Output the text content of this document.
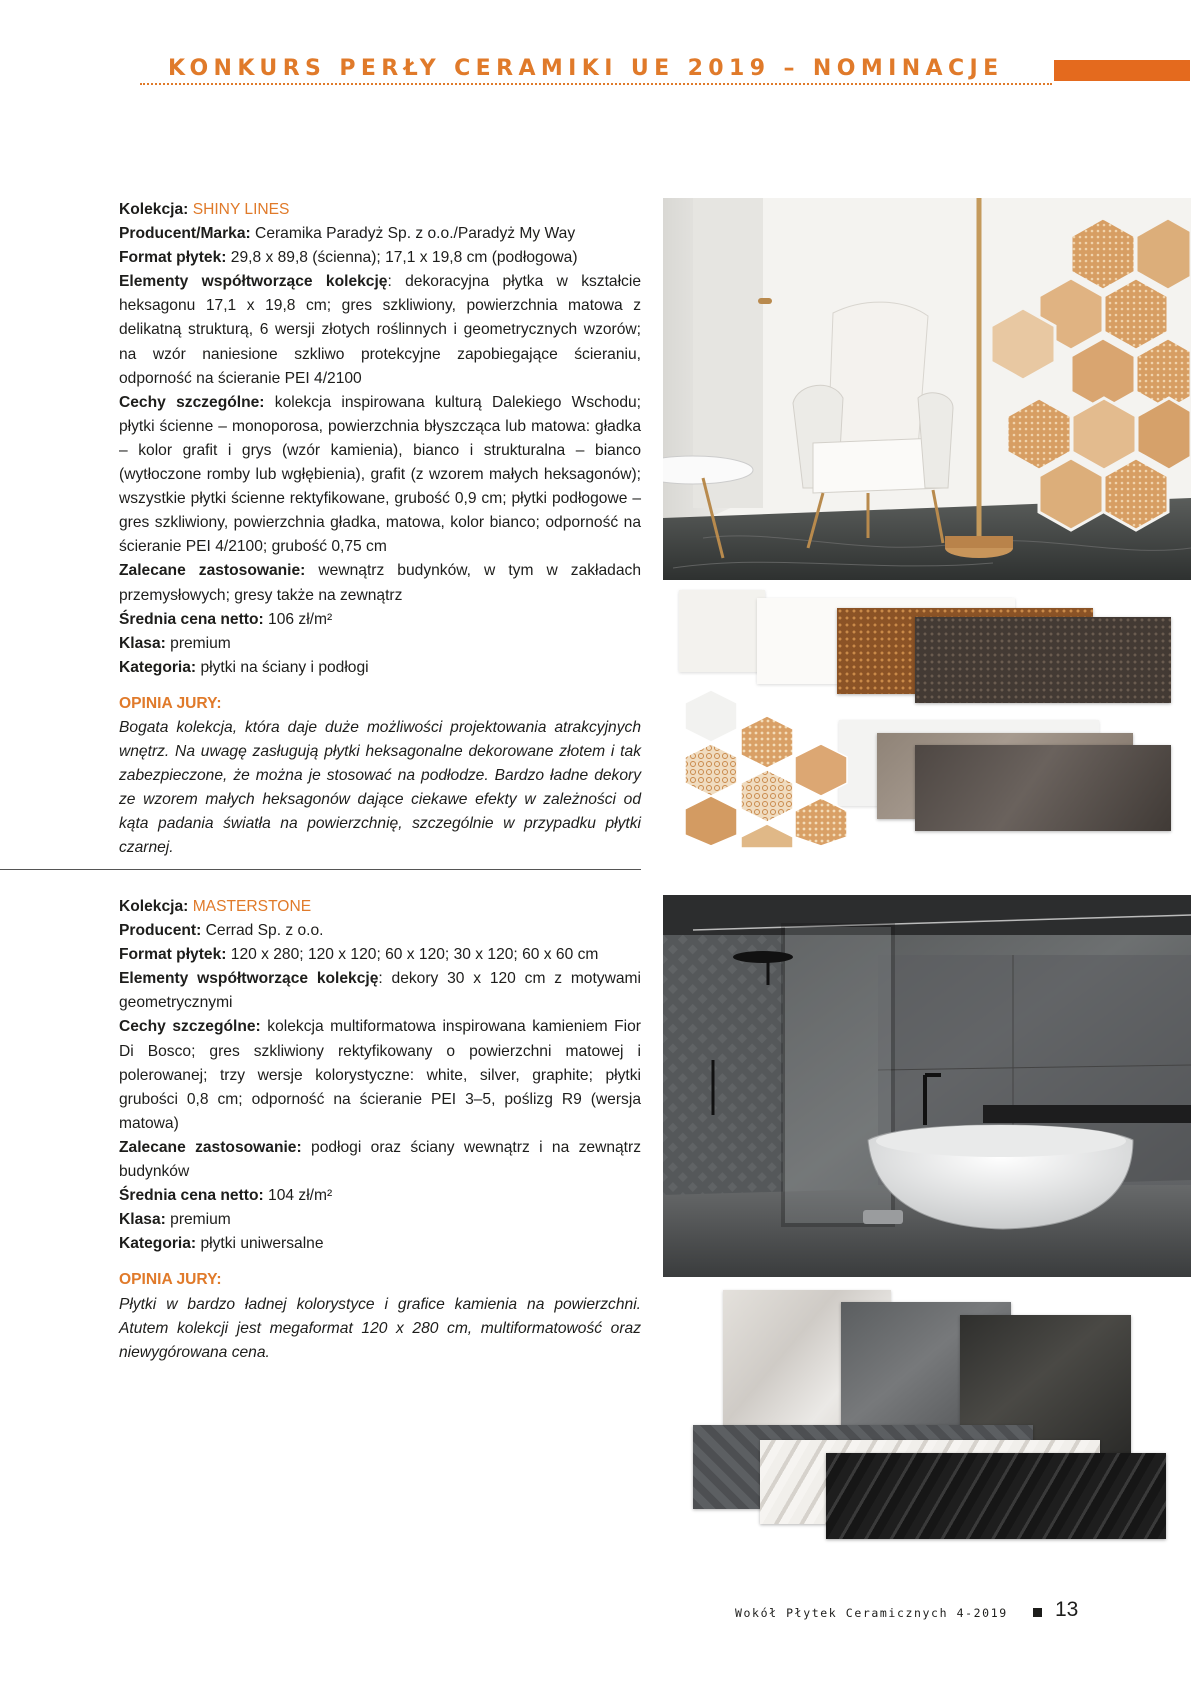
KONKURS PERŁY CERAMIKI UE 2019 – NOMINACJE

Kolekcja: SHINY LINES

Producent/Marka: Ceramika Paradyż Sp. z o.o./Paradyż My Way

Format płytek: 29,8 x 89,8 (ścienna); 17,1 x 19,8 cm (podłogowa)

Elementy współtworzące kolekcję: dekoracyjna płytka w kształcie heksagonu 17,1 x 19,8 cm; gres szkliwiony, powierzchnia matowa z delikatną strukturą, 6 wersji złotych roślinnych i geometrycznych wzorów; na wzór naniesione szkliwo protekcyjne zapobiegające ścieraniu, odporność na ścieranie PEI 4/2100

Cechy szczególne: kolekcja inspirowana kulturą Dalekiego Wschodu; płytki ścienne – monoporosa, powierzchnia błyszcząca lub matowa: gładka – kolor grafit i grys (wzór kamienia), bianco i strukturalna – bianco (wytłoczone romby lub wgłębienia), grafit (z wzorem małych heksagonów); wszystkie płytki ścienne rektyfikowane, grubość 0,9 cm; płytki podłogowe – gres szkliwiony, powierzchnia gładka, matowa, kolor bianco; odporność na ścieranie PEI 4/2100; grubość 0,75 cm

Zalecane zastosowanie: wewnątrz budynków, w tym w zakładach przemysłowych; gresy także na zewnątrz

Średnia cena netto: 106 zł/m²

Klasa: premium

Kategoria: płytki na ściany i podłogi

OPINIA JURY:

Bogata kolekcja, która daje duże możliwości projektowania atrakcyjnych wnętrz. Na uwagę zasługują płytki heksagonalne dekorowane złotem i tak zabezpieczone, że można je stosować na podłodze. Bardzo ładne dekory ze wzorem małych heksagonów dające ciekawe efekty w zależności od kąta padania światła na powierzchnię, szczególnie w przypadku płytki czarnej.

Kolekcja: MASTERSTONE

Producent: Cerrad Sp. z o.o.

Format płytek: 120 x 280; 120 x 120; 60 x 120; 30 x 120; 60 x 60 cm

Elementy współtworzące kolekcję: dekory 30 x 120 cm z motywami geometrycznymi

Cechy szczególne: kolekcja multiformatowa inspirowana kamieniem Fior Di Bosco; gres szkliwiony rektyfikowany o powierzchni matowej i polerowanej; trzy wersje kolorystyczne: white, silver, graphite; płytki grubości 0,8 cm; odporność na ścieranie PEI 3–5, poślizg R9 (wersja matowa)

Zalecane zastosowanie: podłogi oraz ściany wewnątrz i na zewnątrz budynków

Średnia cena netto: 104 zł/m²

Klasa: premium

Kategoria: płytki uniwersalne

OPINIA JURY:

Płytki w bardzo ładnej kolorystyce i grafice kamienia na powierzchni. Atutem kolekcji jest megaformat 120 x 280 cm, multiformatowość oraz niewygórowana cena.

Wokół Płytek Ceramicznych 4-2019 13
